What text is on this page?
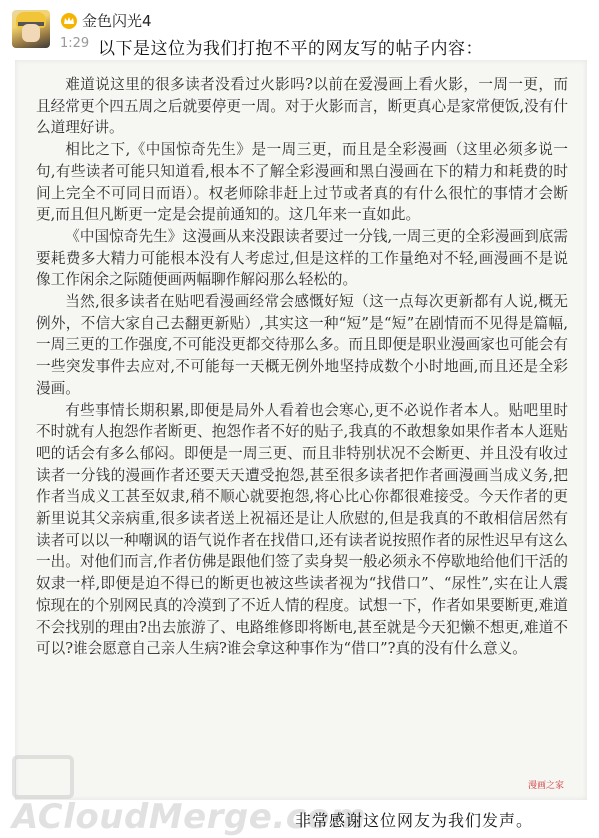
金色闪光4
1:29 以下是这位为我们打抱不平的网友写的帖子内容：

难道说这里的很多读者没看过火影吗?以前在爱漫画上看火影，一周一更，而且经常更个四五周之后就要停更一周。对于火影而言，断更真心是家常便饭,没有什么道理好讲。

相比之下,《中国惊奇先生》是一周三更，而且是全彩漫画（这里必须多说一句,有些读者可能只知道看,根本不了解全彩漫画和黑白漫画在下的精力和耗费的时间上完全不可同日而语）。权老师除非赶上过节或者真的有什么很忙的事情才会断更,而且但凡断更一定是会提前通知的。这几年来一直如此。

《中国惊奇先生》这漫画从来没跟读者要过一分钱,一周三更的全彩漫画到底需要耗费多大精力可能根本没有人考虑过,但是这样的工作量绝对不轻,画漫画不是说像工作闲余之际随便画两幅聊作解闷那么轻松的。

当然,很多读者在贴吧看漫画经常会感慨好短（这一点每次更新都有人说,概无例外，不信大家自己去翻更新贴）,其实这一种“短”是“短”在剧情而不见得是篇幅,一周三更的工作强度,不可能没更都交待那么多。而且即便是职业漫画家也可能会有一些突发事件去应对,不可能每一天概无例外地坚持成数个小时地画,而且还是全彩漫画。

有些事情长期积累,即便是局外人看着也会寒心,更不必说作者本人。贴吧里时不时就有人抱怨作者断更、抱怨作者不好的贴子,我真的不敢想象如果作者本人逛贴吧的话会有多么郁闷。即便是一周三更、而且非特别状况不会断更、并且没有收过读者一分钱的漫画作者还要天天遭受抱怨,甚至很多读者把作者画漫画当成义务,把作者当成义工甚至奴隶,稍不顺心就要抱怨,将心比心你都很难接受。今天作者的更新里说其父亲病重,很多读者送上祝福还是让人欣慰的,但是我真的不敢相信居然有读者可以以一种嘲讽的语气说作者在找借口,还有读者说按照作者的尿性迟早有这么一出。对他们而言,作者仿佛是跟他们签了卖身契一般必须永不停歇地给他们干活的奴隶一样,即便是迫不得已的断更也被这些读者视为“找借口”、“尿性”,实在让人震惊现在的个别网民真的冷漠到了不近人情的程度。试想一下，作者如果要断更,难道不会找别的理由?出去旅游了、电路维修即将断电,甚至就是今天犯懒不想更,难道不可以?谁会愿意自己亲人生病?谁会拿这种事作为“借口”?真的没有什么意义。

ACloudMerge.com
漫画之家
非常感谢这位网友为我们发声。
